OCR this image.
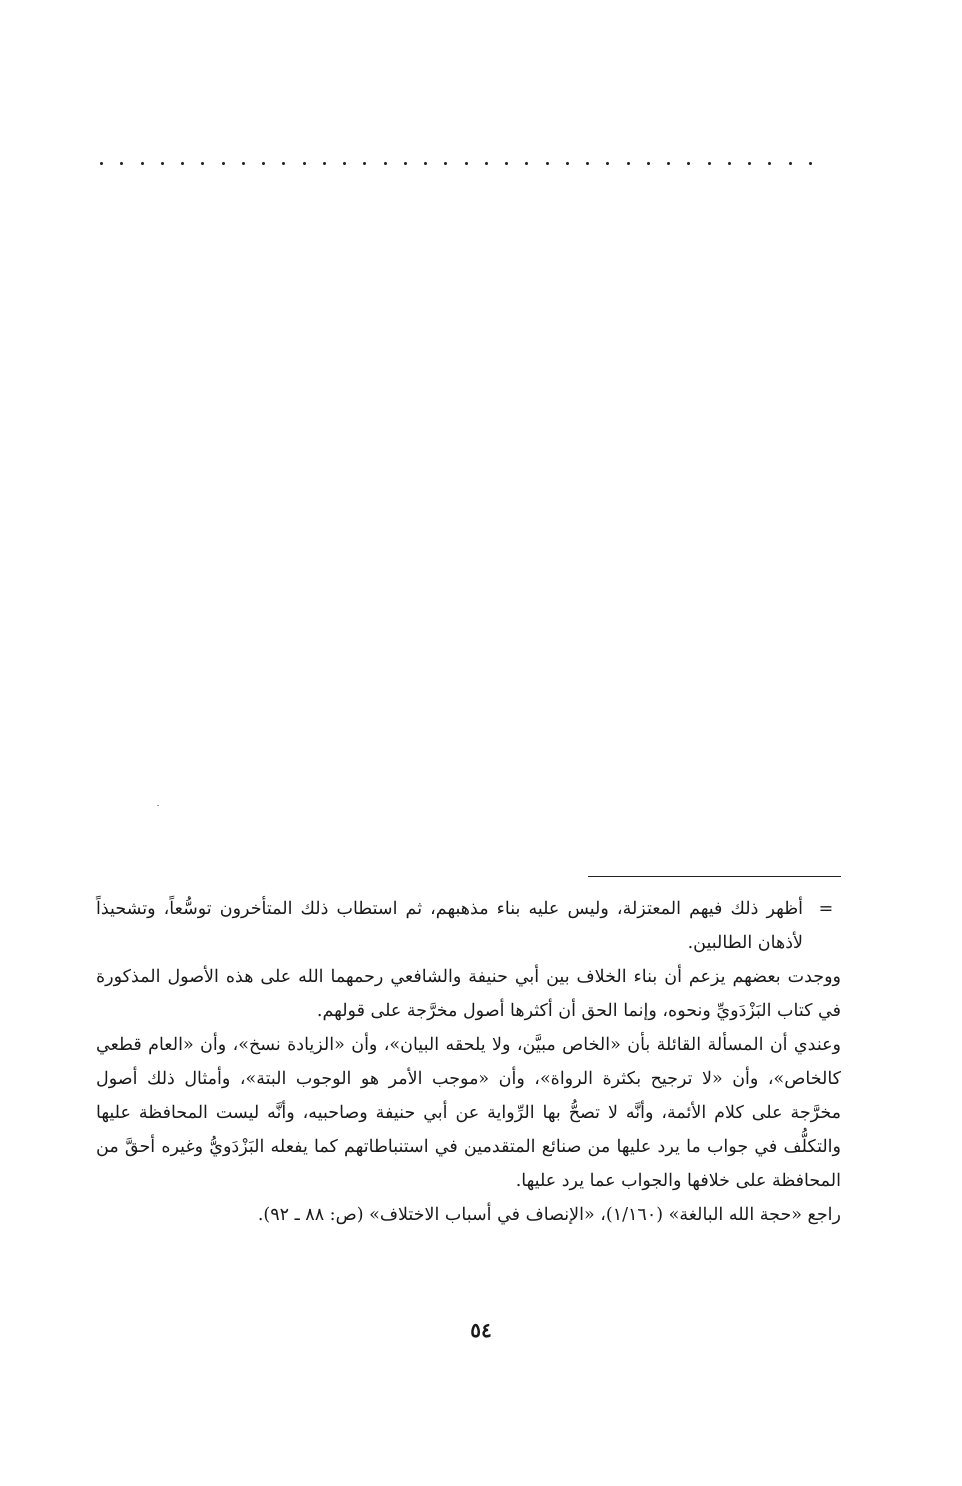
=
أظهر ذلك فيهم المعتزلة، وليس عليه بناء مذهبهم، ثم استطاب ذلك المتأخرون توسُّعاً، وتشحيذاً لأذهان الطالبين.

ووجدت بعضهم يزعم أن بناء الخلاف بين أبي حنيفة والشافعي رحمهما الله على هذه الأصول المذكورة في كتاب البَزْدَويِّ ونحوه، وإنما الحق أن أكثرها أصول مخرَّجة على قولهم.

وعندي أن المسألة القائلة بأن «الخاص مبيَّن، ولا يلحقه البيان»، وأن «الزيادة نسخ»، وأن «العام قطعي كالخاص»، وأن «لا ترجيح بكثرة الرواة»، وأن «موجب الأمر هو الوجوب البتة»، وأمثال ذلك أصول مخرَّجة على كلام الأئمة، وأنَّه لا تصحُّ بها الرِّواية عن أبي حنيفة وصاحبيه، وأنَّه ليست المحافظة عليها والتكلُّف في جواب ما يرد عليها من صنائع المتقدمين في استنباطاتهم كما يفعله البَزْدَويُّ وغيره أحقَّ من المحافظة على خلافها والجواب عما يرد عليها.

راجع «حجة الله البالغة» (١/١٦٠)، «الإنصاف في أسباب الاختلاف» (ص: ٨٨ ـ ٩٢).

٥٤
